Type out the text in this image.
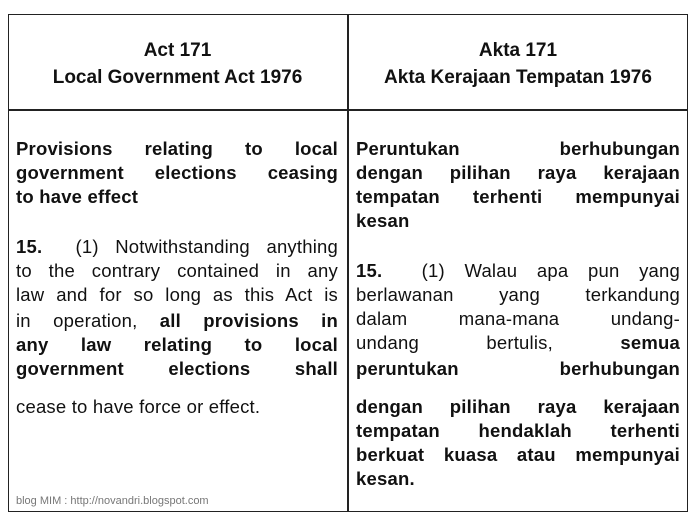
Act 171
Local Government Act 1976
Akta 171
Akta Kerajaan Tempatan 1976
Provisions relating to local
government elections ceasing
to have effect
15.  (1) Notwithstanding anything
to the contrary contained in any
law and for so long as this Act is
in operation, all provisions in
any law relating to local
government elections shall
cease to have force or effect.
Peruntukan berhubungan
dengan pilihan raya kerajaan
tempatan terhenti mempunyai
kesan
15.  (1) Walau apa pun yang
berlawanan yang terkandung
dalam mana-mana undang-
undang bertulis, semua
peruntukan berhubungan
dengan pilihan raya kerajaan
tempatan hendaklah terhenti
berkuat kuasa atau mempunyai
kesan.
blog MIM : http://novandri.blogspot.com
